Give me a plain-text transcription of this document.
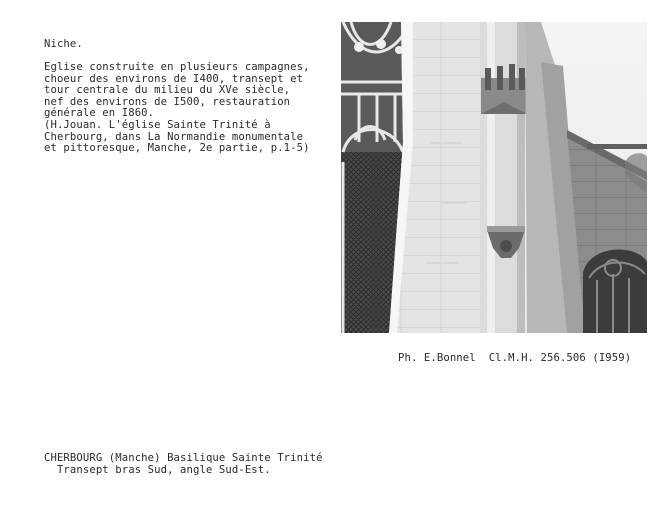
Niche.
Eglise construite en plusieurs campagnes,
choeur des environs de I400, transept et
tour centrale du milieu du XVe siècle,
nef des environs de I500, restauration
générale en I860.
(H.Jouan. L'église Sainte Trinité à
Cherbourg, dans La Normandie monumentale
et pittoresque, Manche, 2e partie, p.1-5)
Ph. E.Bonnel  Cl.M.H. 256.506 (I959)
CHERBOURG (Manche) Basilique Sainte Trinité
Transept bras Sud, angle Sud-Est.
